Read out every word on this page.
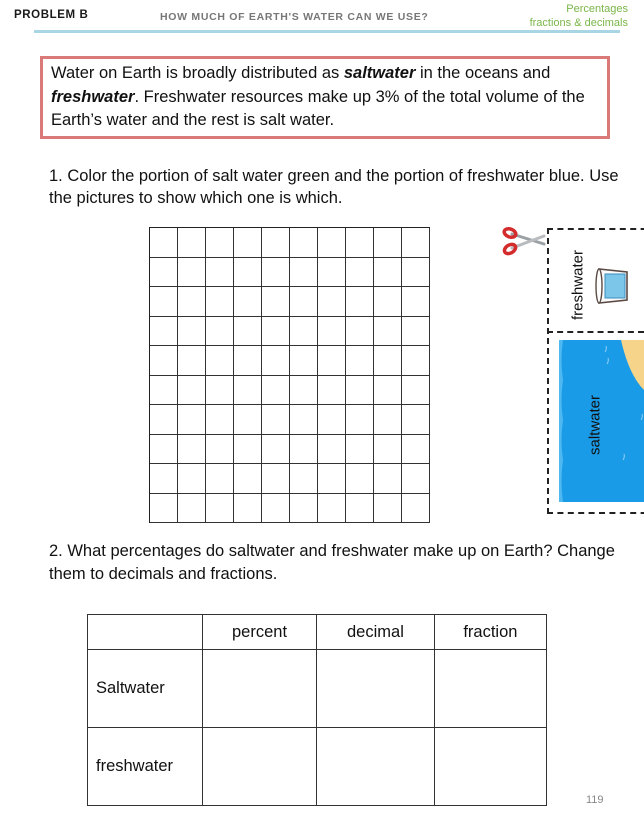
PROBLEM B	HOW MUCH OF EARTH'S WATER CAN WE USE?
Percentages
fractions & decimals
Water on Earth is broadly distributed as saltwater in the oceans and freshwater. Freshwater resources make up 3% of the total volume of the Earth’s water and the rest is salt water.
1. Color the portion of salt water green and the portion of freshwater blue. Use the pictures to show which one is which.
freshwater
saltwater
2. What percentages do saltwater and freshwater make up on Earth? Change them to decimals and fractions.
	percent	decimal	fraction
Saltwater			
freshwater			
119
